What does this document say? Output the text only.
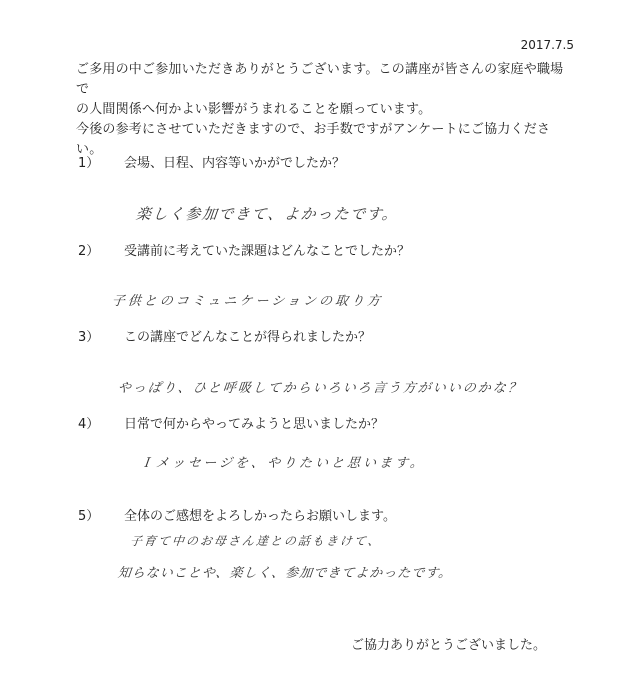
2017.7.5

ご多用の中ご参加いただきありがとうございます。この講座が皆さんの家庭や職場で

の人間関係へ何かよい影響がうまれることを願っています。

今後の参考にさせていただきますので、お手数ですがアンケートにご協力ください。

1）	会場、日程、内容等いかがでしたか？
楽しく参加できて、よかったです。
2）	受講前に考えていた課題はどんなことでしたか？
子供とのコミュニケーションの取り方
3）	この講座でどんなことが得られましたか？
やっぱり、ひと呼吸してからいろいろ言う方がいいのかな？
4）	日常で何からやってみようと思いましたか？
Ｉメッセージを、やりたいと思います。
5）	全体のご感想をよろしかったらお願いします。
子育て中のお母さん達との話もきけて、
知らないことや、楽しく、参加できてよかったです。
ご協力ありがとうございました。
